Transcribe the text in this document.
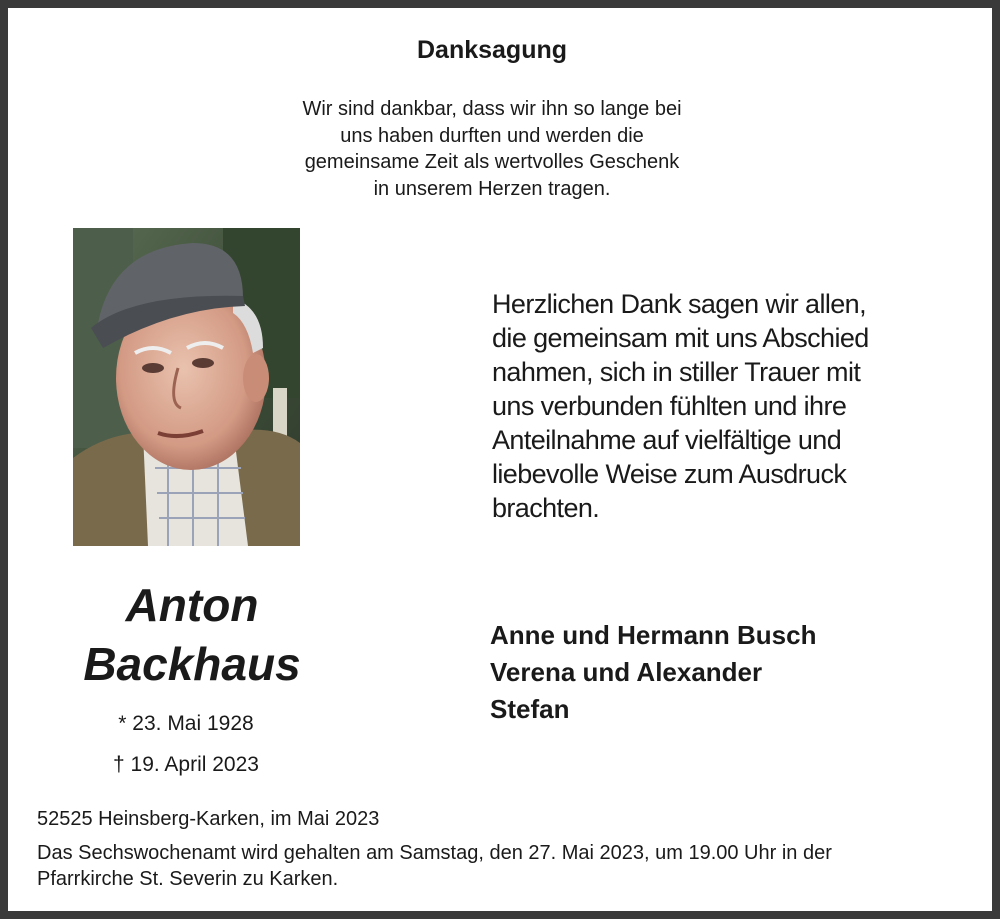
Danksagung
Wir sind dankbar, dass wir ihn so lange bei
uns haben durften und werden die
gemeinsame Zeit als wertvolles Geschenk
in unserem Herzen tragen.
Herzlichen Dank sagen wir allen,
die gemeinsam mit uns Abschied
nahmen, sich in stiller Trauer mit
uns verbunden fühlten und ihre
Anteilnahme auf vielfältige und
liebevolle Weise zum Ausdruck
brachten.
Anton
Backhaus
* 23. Mai 1928
† 19. April 2023
Anne und Hermann Busch
Verena und Alexander
Stefan
52525 Heinsberg-Karken, im Mai 2023
Das Sechswochenamt wird gehalten am Samstag, den 27. Mai 2023, um 19.00 Uhr in der
Pfarrkirche St. Severin zu Karken.
